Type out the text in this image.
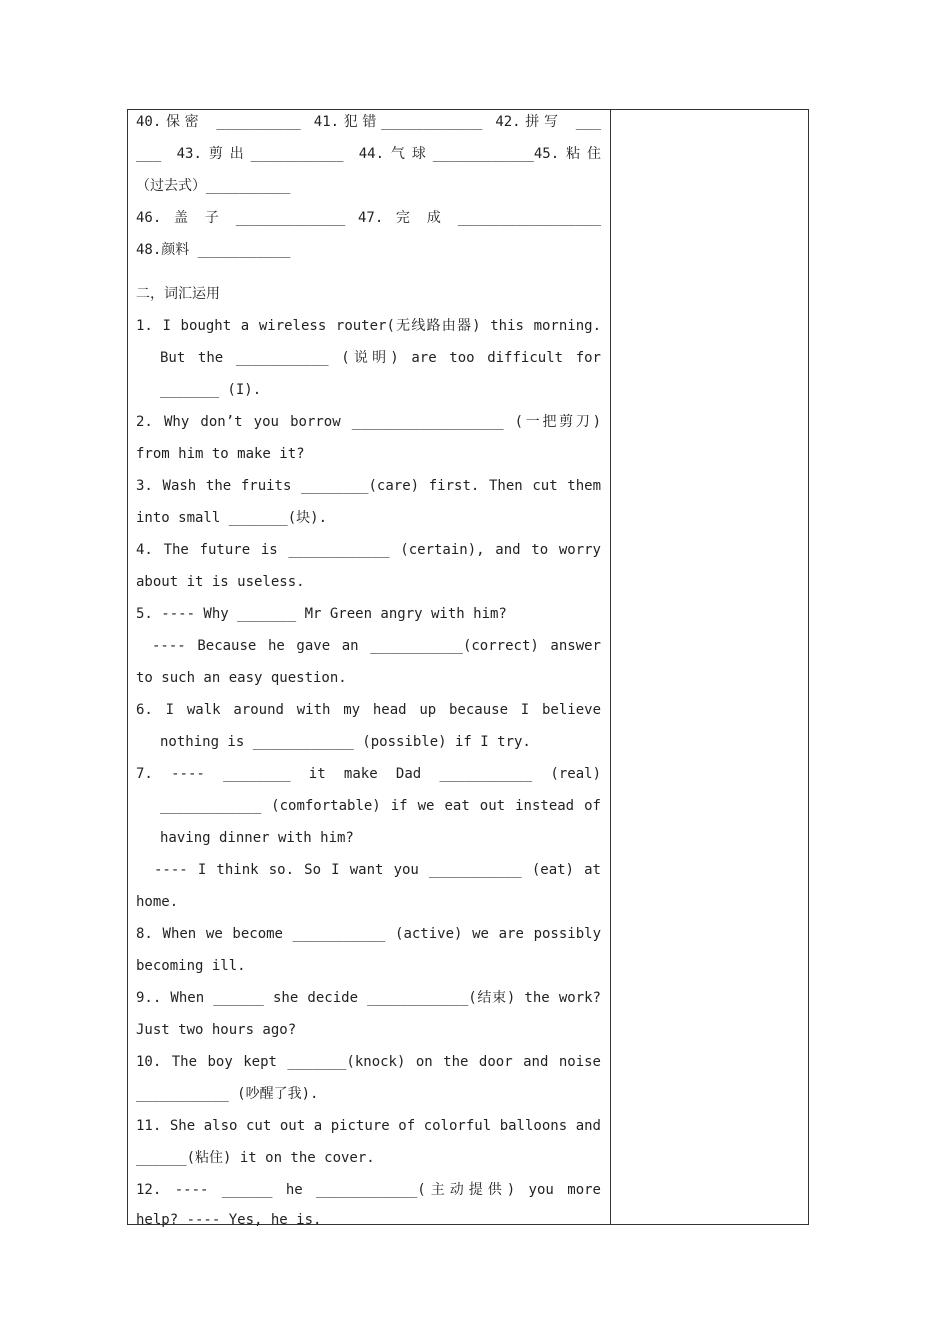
40.保密 __________ 41.犯错____________ 42.拼写 ___
___ 43.剪出___________ 44.气球____________45.粘住
（过去式）__________
46. 盖 子 _____________ 47. 完 成 _________________
48.颜料 ___________
二，词汇运用
1. I bought a wireless router(无线路由器) this morning.
But the ___________ (说明) are too difficult for
_______ (I).
2. Why don’t you borrow __________________ (一把剪刀)
from him to make it?
3. Wash the fruits ________(care) first. Then cut them
into small _______(块).
4. The future is ____________ (certain), and to worry
about it is useless.
5. ---- Why _______ Mr Green angry with him?
---- Because he gave an ___________(correct) answer
to such an easy question.
6. I walk around with my head up because I believe
nothing is ____________ (possible) if I try.
7. ---- ________ it make Dad ___________ (real)
____________ (comfortable) if we eat out instead of
having dinner with him?
---- I think so. So I want you ___________ (eat) at
home.
8. When we become ___________ (active) we are possibly
becoming ill.
9.. When ______ she decide ____________(结束) the work?
Just two hours ago?
10. The boy kept _______(knock) on the door and noise
___________ (吵醒了我).
11. She also cut out a picture of colorful balloons and
______(粘住) it on the cover.
12. ---- ______ he ____________(主动提供) you more
help? ---- Yes, he is.
